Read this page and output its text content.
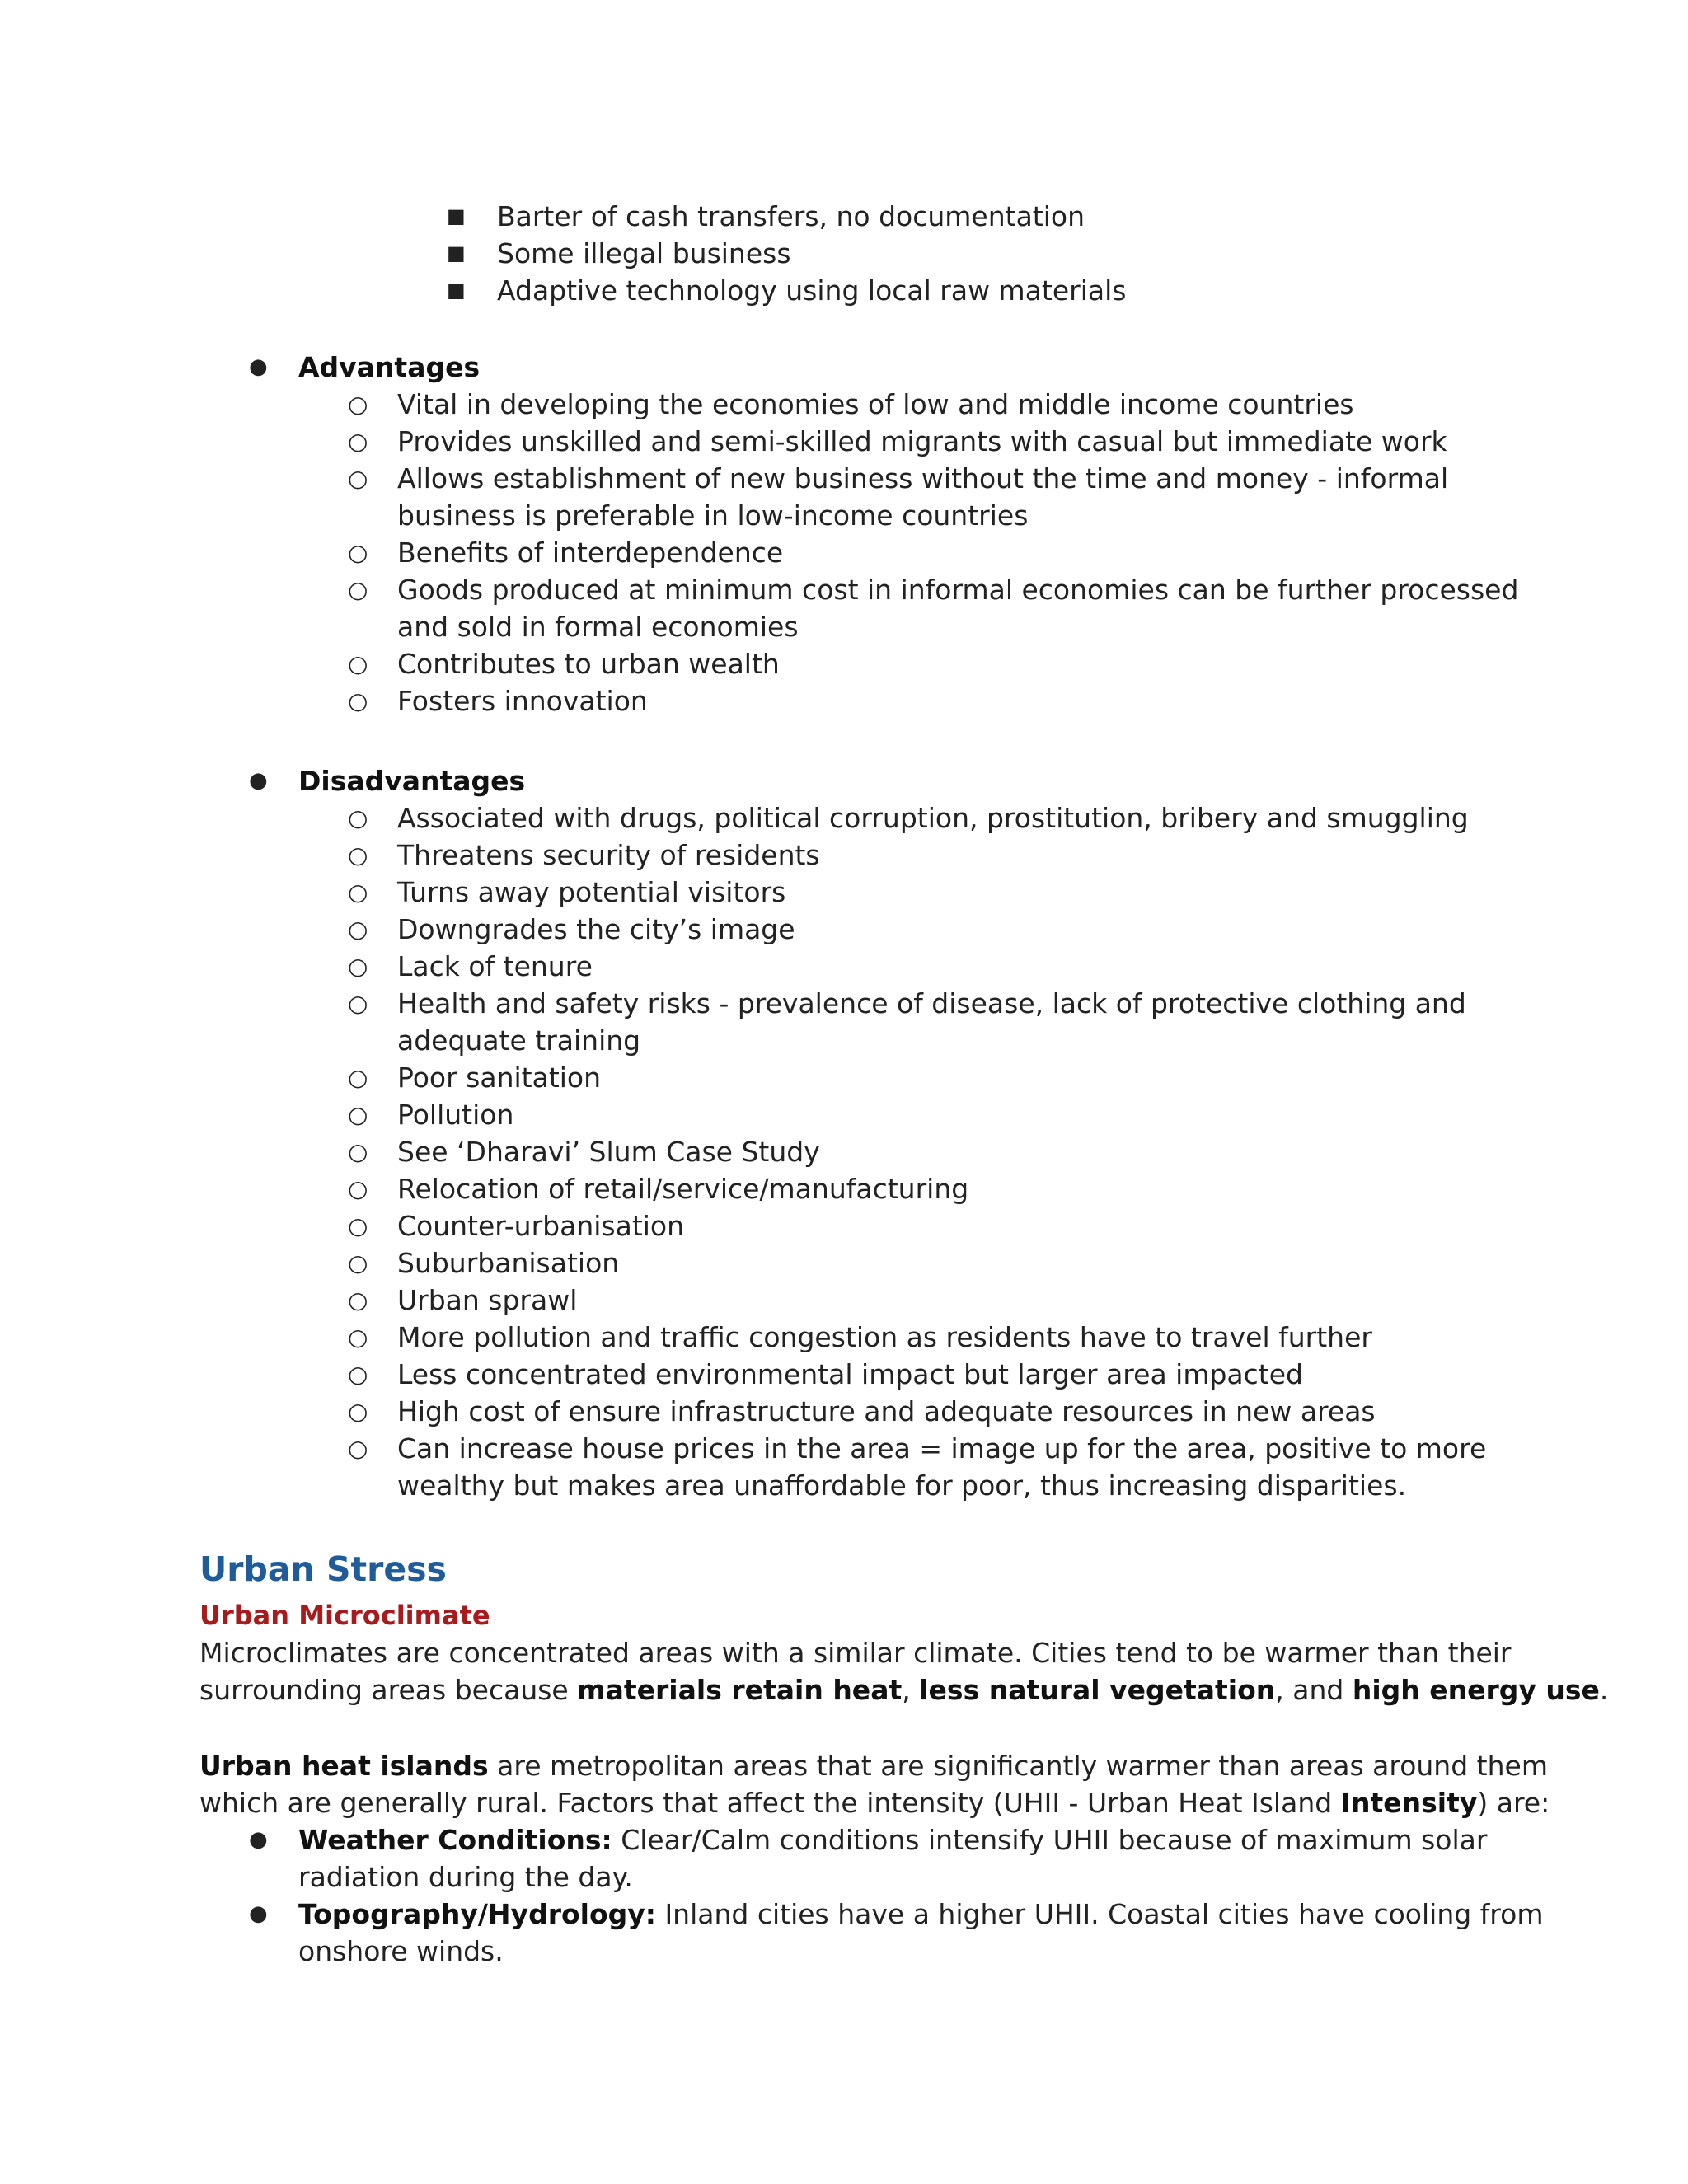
■ Barter of cash transfers, no documentation
■ Some illegal business
■ Adaptive technology using local raw materials
● Advantages
○ Vital in developing the economies of low and middle income countries
○ Provides unskilled and semi-skilled migrants with casual but immediate work
○ Allows establishment of new business without the time and money - informal
business is preferable in low-income countries
○ Benefits of interdependence
○ Goods produced at minimum cost in informal economies can be further processed
and sold in formal economies
○ Contributes to urban wealth
○ Fosters innovation
● Disadvantages
○ Associated with drugs, political corruption, prostitution, bribery and smuggling
○ Threatens security of residents
○ Turns away potential visitors
○ Downgrades the city’s image
○ Lack of tenure
○ Health and safety risks - prevalence of disease, lack of protective clothing and
adequate training
○ Poor sanitation
○ Pollution
○ See ‘Dharavi’ Slum Case Study
○ Relocation of retail/service/manufacturing
○ Counter-urbanisation
○ Suburbanisation
○ Urban sprawl
○ More pollution and traffic congestion as residents have to travel further
○ Less concentrated environmental impact but larger area impacted
○ High cost of ensure infrastructure and adequate resources in new areas
○ Can increase house prices in the area = image up for the area, positive to more
wealthy but makes area unaffordable for poor, thus increasing disparities.
Urban Stress
Urban Microclimate
Microclimates are concentrated areas with a similar climate. Cities tend to be warmer than their
surrounding areas because materials retain heat, less natural vegetation, and high energy use.
Urban heat islands are metropolitan areas that are significantly warmer than areas around them
which are generally rural. Factors that affect the intensity (UHII - Urban Heat Island Intensity) are:
● Weather Conditions: Clear/Calm conditions intensify UHII because of maximum solar
radiation during the day.
● Topography/Hydrology: Inland cities have a higher UHII. Coastal cities have cooling from
onshore winds.
